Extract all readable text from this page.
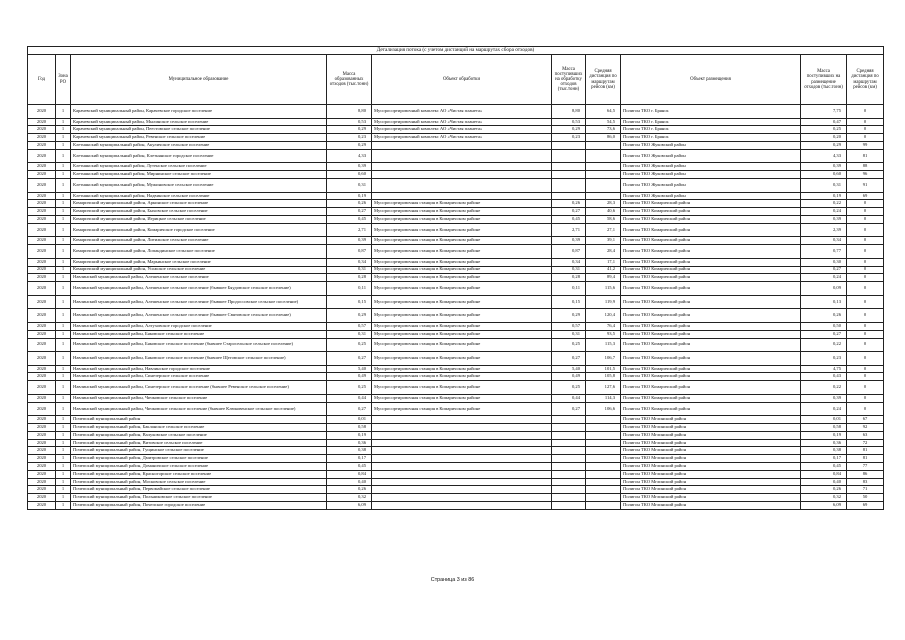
Детализация потока (с учетом дистанций на маршрутах сбора отходов)									
Год	Зона РО	Муниципальное образование	Масса образованных отходов (тыс.тонн)	Объект обработки	Масса поступивших на обработку отходов (тыс.тонн)	Средняя дистанция по маршрутам рейсов (км)	Объект размещения	Масса поступивших на размещение отходов (тыс.тонн)	Средняя дистанция по маршрутам рейсов (км)
2020	1	Карачевский муниципальный район, Карачевское городское поселение	8,80	Мусоросортировочный комплекс АО «Чистая планета»	8,80	64,5	Полигон ТКО г. Брянск	7,75	0
2020	1	Карачевский муниципальный район, Мылинское сельское поселение	0,53	Мусоросортировочный комплекс АО «Чистая планета»	0,53	54,5	Полигон ТКО г. Брянск	0,47	0
2020	1	Карачевский муниципальный район, Пеестовское сельское поселение	0,29	Мусоросортировочный комплекс АО «Чистая планета»	0,29	73,6	Полигон ТКО г. Брянск	0,25	0
2020	1	Карачевский муниципальный район, Ревенское сельское поселение	0,23	Мусоросортировочный комплекс АО «Чистая планета»	0,23	86,0	Полигон ТКО г. Брянск	0,20	0
2020	1	Клетнянский муниципальный район, Акуличское сельское поселение	0,29				Полигон ТКО Жуковский район	0,29	99
2020	1	Клетнянский муниципальный район, Клетнянское городское поселение	4,33				Полигон ТКО Жуковский район	4,33	81
2020	1	Клетнянский муниципальный район, Лутенское сельское поселение	0,39				Полигон ТКО Жуковский район	0,39	88
2020	1	Клетнянский муниципальный район, Мирнинское сельское поселение	0,60				Полигон ТКО Жуковский район	0,60	96
2020	1	Клетнянский муниципальный район, Мужиновское сельское поселение	0,31				Полигон ТКО Жуковский район	0,31	91
2020	1	Клетнянский муниципальный район, Надвинское сельское поселение	0,19				Полигон ТКО Жуковский район	0,19	69
2020	1	Комаричский муниципальный район, Аркинское сельское поселение	0,26	Мусоросортировочная станция в Комаричском районе	0,26	28,3	Полигон ТКО Комаричский район	0,22	0
2020	1	Комаричский муниципальный район, Быховское сельское поселение	0,27	Мусоросортировочная станция в Комаричском районе	0,27	40,6	Полигон ТКО Комаричский район	0,24	0
2020	1	Комаричский муниципальный район, Игрицкое сельское поселение	0,45	Мусоросортировочная станция в Комаричском районе	0,45	58,6	Полигон ТКО Комаричский район	0,39	0
2020	1	Комаричский муниципальный район, Комаричское городское поселение	2,71	Мусоросортировочная станция в Комаричском районе	2,71	27,1	Полигон ТКО Комаричский район	2,39	0
2020	1	Комаричский муниципальный район, Литижское сельское поселение	0,39	Мусоросортировочная станция в Комаричском районе	0,39	39,1	Полигон ТКО Комаричский район	0,34	0
2020	1	Комаричский муниципальный район, Лопандинское сельское поселение	0,87	Мусоросортировочная станция в Комаричском районе	0,87	28,4	Полигон ТКО Комаричский район	0,77	0
2020	1	Комаричский муниципальный район, Марьинское сельское поселение	0,34	Мусоросортировочная станция в Комаричском районе	0,34	17,1	Полигон ТКО Комаричский район	0,30	0
2020	1	Комаричский муниципальный район, Усожское сельское поселение	0,31	Мусоросортировочная станция в Комаричском районе	0,31	41,2	Полигон ТКО Комаричский район	0,27	0
2020	1	Навлинский муниципальный район, Алешенское сельское поселение	0,28	Мусоросортировочная станция в Комаричском районе	0,28	89,4	Полигон ТКО Комаричский район	0,24	0
2020	1	Навлинский муниципальный район, Алешенское сельское поселение (бывшее Бяудовское сельское поселение)	0,11	Мусоросортировочная станция в Комаричском районе	0,11	115,6	Полигон ТКО Комаричский район	0,09	0
2020	1	Навлинский муниципальный район, Алешенское сельское поселение (бывшее Продоссовское сельское поселение)	0,15	Мусоросортировочная станция в Комаричском районе	0,15	119,9	Полигон ТКО Комаричский район	0,13	0
2020	1	Навлинский муниципальный район, Алешенское сельское поселение (бывшее Святовское сельское поселение)	0,29	Мусоросортировочная станция в Комаричском районе	0,29	120,4	Полигон ТКО Комаричский район	0,26	0
2020	1	Навлинский муниципальный район, Алтуховское городское поселение	0,57	Мусоросортировочная станция в Комаричском районе	0,57	76,4	Полигон ТКО Комаричский район	0,50	0
2020	1	Навлинский муниципальный район, Бяковское сельское поселение	0,31	Мусоросортировочная станция в Комаричском районе	0,31	93,5	Полигон ТКО Комаричский район	0,27	0
2020	1	Навлинский муниципальный район, Бяковское сельское поселение (бывшее Старосельское сельское поселение)	0,25	Мусоросортировочная станция в Комаричском районе	0,25	115,3	Полигон ТКО Комаричский район	0,22	0
2020	1	Навлинский муниципальный район, Бяковское сельское поселение (бывшее Щеговское сельское поселение)	0,27	Мусоросортировочная станция в Комаричском районе	0,27	106,7	Полигон ТКО Комаричский район	0,23	0
2020	1	Навлинский муниципальный район, Навлинское городское поселение	5,40	Мусоросортировочная станция в Комаричском районе	5,40	101,5	Полигон ТКО Комаричский район	4,75	0
2020	1	Навлинский муниципальный район, Синезерское сельское поселение	0,49	Мусоросортировочная станция в Комаричском районе	0,49	105,8	Полигон ТКО Комаричский район	0,43	0
2020	1	Навлинский муниципальный район, Синезерское сельское поселение (бывшее Ревенское сельское поселение)	0,25	Мусоросортировочная станция в Комаричском районе	0,25	127,6	Полигон ТКО Комаричский район	0,22	0
2020	1	Навлинский муниципальный район, Чичковское сельское поселение	0,44	Мусоросортировочная станция в Комаричском районе	0,44	114,3	Полигон ТКО Комаричский район	0,39	0
2020	1	Навлинский муниципальный район, Чичковское сельское поселение (бывшее Клюковенское сельское поселение)	0,27	Мусоросортировочная станция в Комаричском районе	0,27	106,6	Полигон ТКО Комаричский район	0,24	0
2020	1	Почепский муниципальный район	0,01				Полигон ТКО Мглинский район	0,01	67
2020	1	Почепский муниципальный район, Бакланское сельское поселение	0,58				Полигон ТКО Мглинский район	0,58	92
2020	1	Почепский муниципальный район, Валуковское сельское поселение	0,19				Полигон ТКО Мглинский район	0,19	63
2020	1	Почепский муниципальный район, Витовское сельское поселение	0,36				Полигон ТКО Мглинский район	0,36	72
2020	1	Почепский муниципальный район, Гущинское сельское поселение	0,38				Полигон ТКО Мглинский район	0,38	81
2020	1	Почепский муниципальный район, Дмитровское сельское поселение	0,17				Полигон ТКО Мглинский район	0,17	81
2020	1	Почепский муниципальный район, Доманичское сельское поселение	0,45				Полигон ТКО Мглинский район	0,45	77
2020	1	Почепский муниципальный район, Красногорское сельское поселение	0,84				Полигон ТКО Мглинский район	0,84	86
2020	1	Почепский муниципальный район, Московское сельское поселение	0,40				Полигон ТКО Мглинский район	0,40	83
2020	1	Почепский муниципальный район, Первомайское сельское поселение	0,26				Полигон ТКО Мглинский район	0,26	71
2020	1	Почепский муниципальный район, Польниковское сельское поселение	0,32				Полигон ТКО Мглинский район	0,32	50
2020	1	Почепский муниципальный район, Почепское городское поселение	6,09				Полигон ТКО Мглинский район	6,09	69
Страница 3 из 86
